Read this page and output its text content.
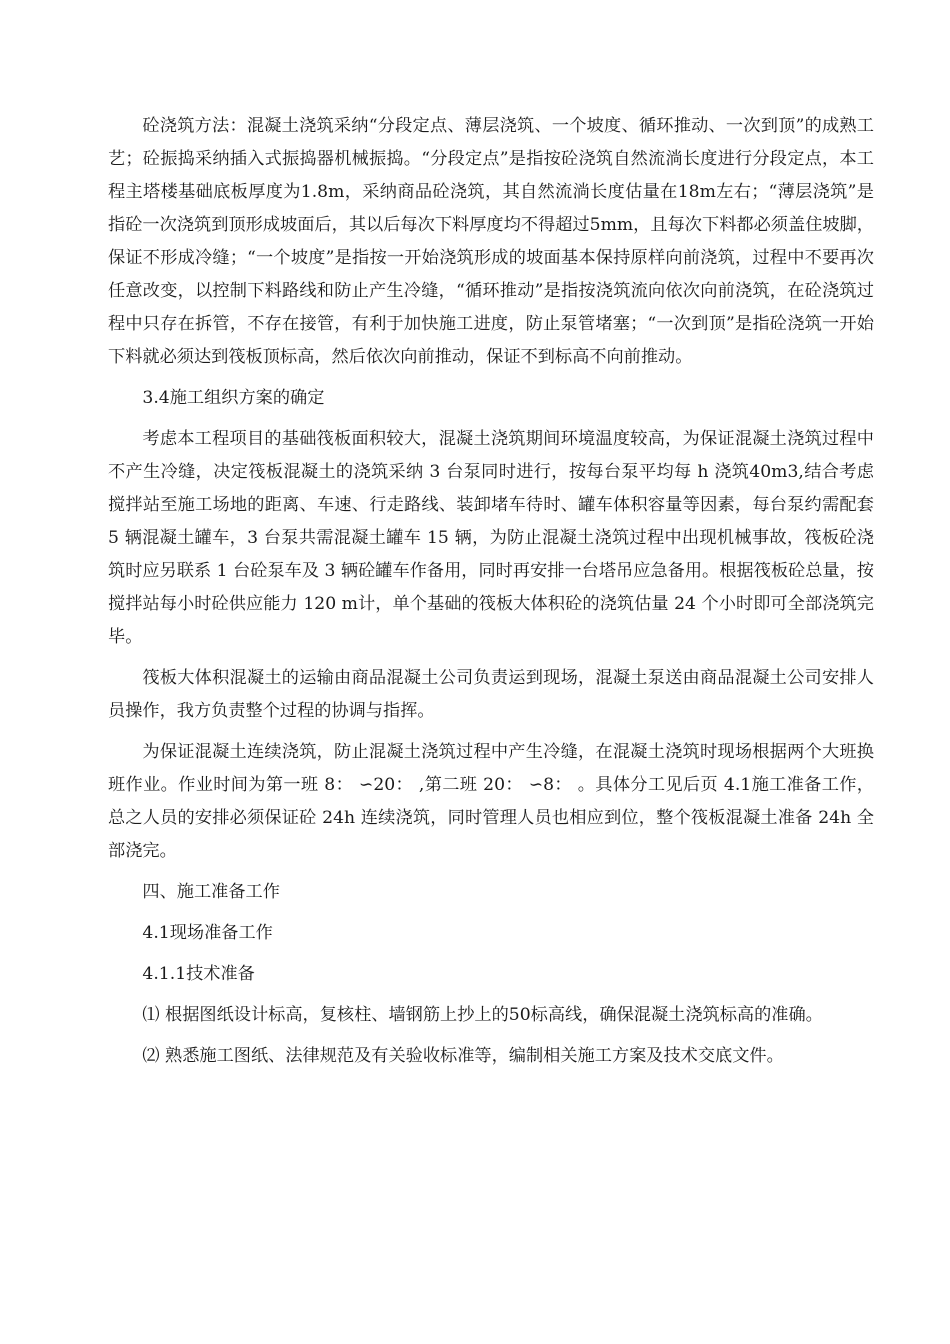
砼浇筑方法：混凝土浇筑采纳“分段定点、薄层浇筑、一个坡度、循环推动、一次到顶”的成熟工艺；砼振捣采纳插入式振捣器机械振捣。“分段定点”是指按砼浇筑自然流淌长度进行分段定点，本工程主塔楼基础底板厚度为1.8m，采纳商品砼浇筑，其自然流淌长度估量在18m左右；“薄层浇筑”是指砼一次浇筑到顶形成坡面后，其以后每次下料厚度均不得超过5mm，且每次下料都必须盖住坡脚，保证不形成冷缝；“一个坡度”是指按一开始浇筑形成的坡面基本保持原样向前浇筑，过程中不要再次任意改变，以控制下料路线和防止产生冷缝，“循环推动”是指按浇筑流向依次向前浇筑，在砼浇筑过程中只存在拆管，不存在接管，有利于加快施工进度，防止泵管堵塞；“一次到顶”是指砼浇筑一开始下料就必须达到筏板顶标高，然后依次向前推动，保证不到标高不向前推动。

3.4施工组织方案的确定

考虑本工程项目的基础筏板面积较大，混凝土浇筑期间环境温度较高，为保证混凝土浇筑过程中不产生冷缝，决定筏板混凝土的浇筑采纳 3 台泵同时进行，按每台泵平均每 h 浇筑40m3,结合考虑搅拌站至施工场地的距离、车速、行走路线、装卸堵车待时、罐车体积容量等因素，每台泵约需配套 5 辆混凝土罐车，3 台泵共需混凝土罐车 15 辆，为防止混凝土浇筑过程中出现机械事故，筏板砼浇筑时应另联系 1 台砼泵车及 3 辆砼罐车作备用，同时再安排一台塔吊应急备用。根据筏板砼总量，按搅拌站每小时砼供应能力 120 m计，单个基础的筏板大体积砼的浇筑估量 24 个小时即可全部浇筑完毕。

筏板大体积混凝土的运输由商品混凝土公司负责运到现场，混凝土泵送由商品混凝土公司安排人员操作，我方负责整个过程的协调与指挥。

为保证混凝土连续浇筑，防止混凝土浇筑过程中产生冷缝，在混凝土浇筑时现场根据两个大班换班作业。作业时间为第一班 8： ∽20： ,第二班 20： ∽8： 。具体分工见后页 4.1施工准备工作，总之人员的安排必须保证砼 24h 连续浇筑，同时管理人员也相应到位，整个筏板混凝土准备 24h 全部浇完。

四、施工准备工作

4.1现场准备工作

4.1.1技术准备

⑴ 根据图纸设计标高，复核柱、墙钢筋上抄上的50标高线，确保混凝土浇筑标高的准确。

⑵ 熟悉施工图纸、法律规范及有关验收标准等，编制相关施工方案及技术交底文件。
